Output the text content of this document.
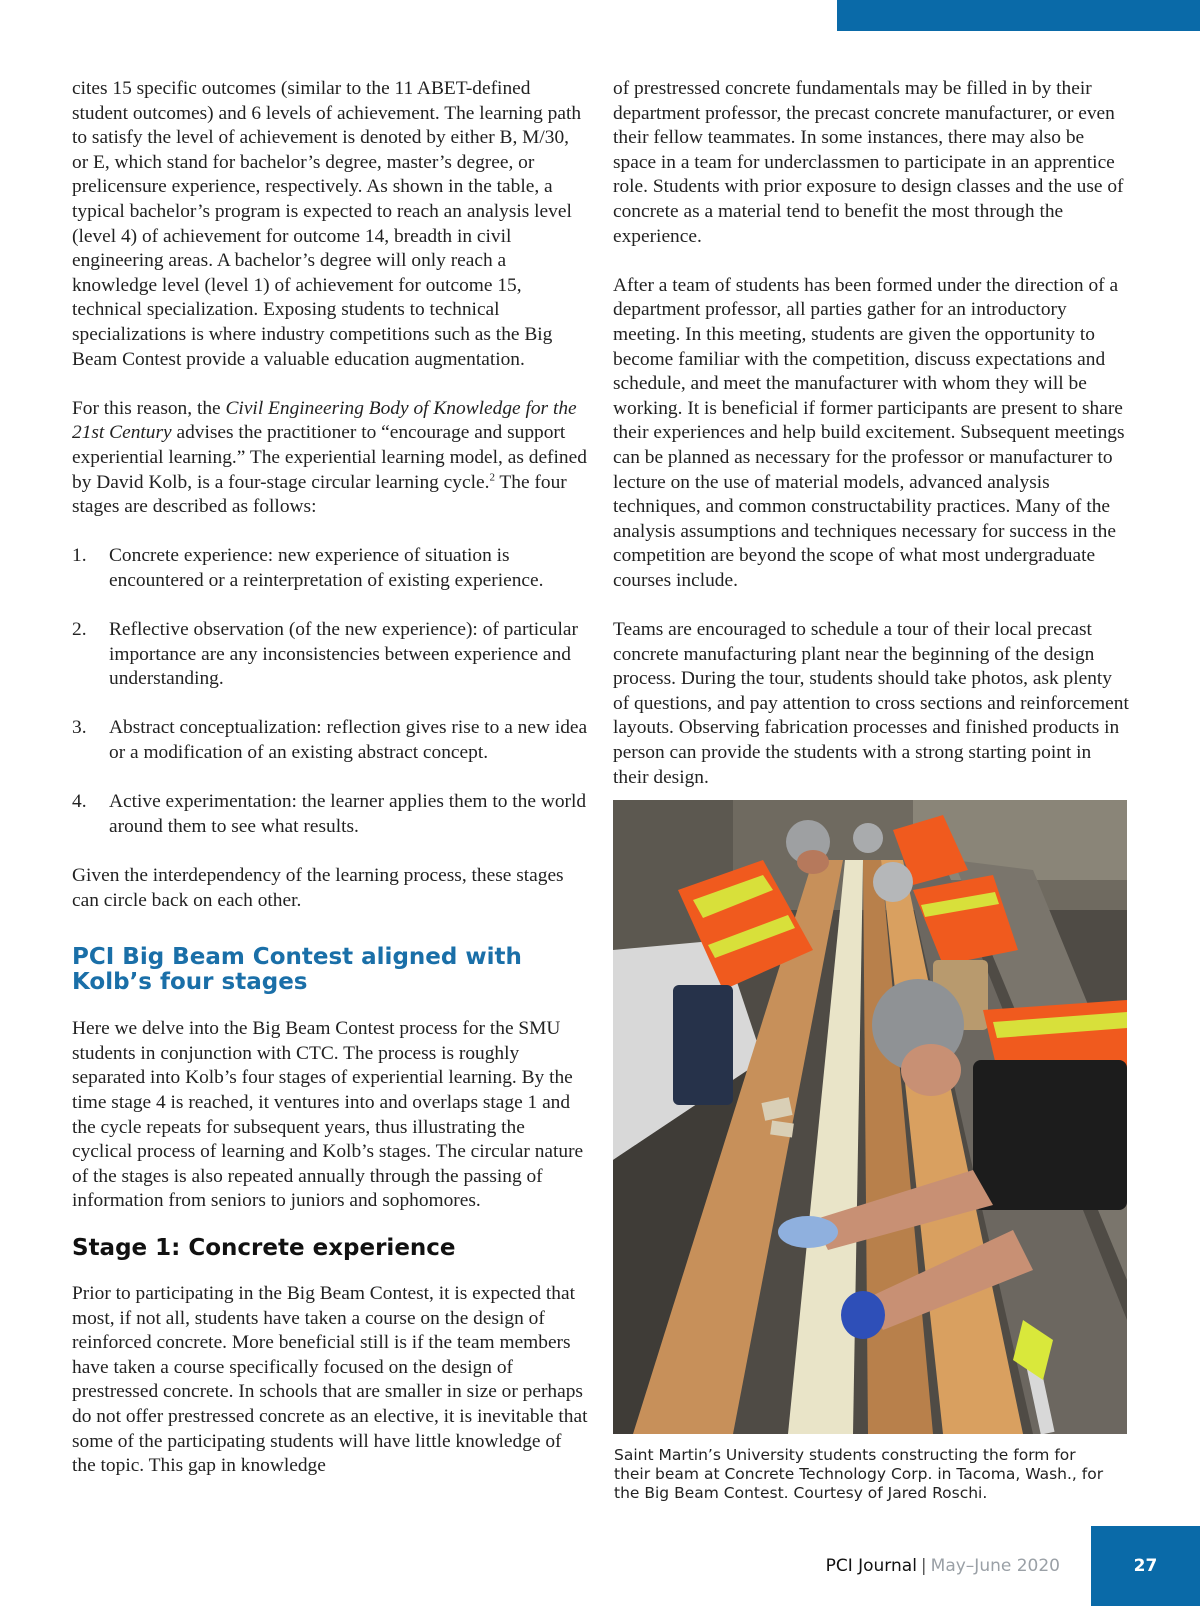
cites 15 specific outcomes (similar to the 11 ABET-defined student outcomes) and 6 levels of achievement. The learning path to satisfy the level of achievement is denoted by either B, M/30, or E, which stand for bachelor’s degree, master’s degree, or prelicensure experience, respectively. As shown in the table, a typical bachelor’s program is expected to reach an analysis level (level 4) of achievement for outcome 14, breadth in civil engineering areas. A bachelor’s degree will only reach a knowledge level (level 1) of achievement for outcome 15, technical specialization. Exposing students to technical specializations is where industry competitions such as the Big Beam Contest provide a valuable education augmentation.

For this reason, the Civil Engineering Body of Knowledge for the 21st Century advises the practitioner to “encourage and support experiential learning.” The experiential learning model, as defined by David Kolb, is a four-stage circular learning cycle.$^2$ The four stages are described as follows:

1.	Concrete experience: new experience of situation is encountered or a reinterpretation of existing experience.
2.	Reflective observation (of the new experience): of particular importance are any inconsistencies between experience and understanding.
3.	Abstract conceptualization: reflection gives rise to a new idea or a modification of an existing abstract concept.
4.	Active experimentation: the learner applies them to the world around them to see what results.

Given the interdependency of the learning process, these stages can circle back on each other.

PCI Big Beam Contest aligned with Kolb’s four stages

Here we delve into the Big Beam Contest process for the SMU students in conjunction with CTC. The process is roughly separated into Kolb’s four stages of experiential learning. By the time stage 4 is reached, it ventures into and overlaps stage 1 and the cycle repeats for subsequent years, thus illustrating the cyclical process of learning and Kolb’s stages. The circular nature of the stages is also repeated annually through the passing of information from seniors to juniors and sophomores.

Stage 1: Concrete experience

Prior to participating in the Big Beam Contest, it is expected that most, if not all, students have taken a course on the design of reinforced concrete. More beneficial still is if the team members have taken a course specifically focused on the design of prestressed concrete. In schools that are smaller in size or perhaps do not offer prestressed concrete as an elective, it is inevitable that some of the participating students will have little knowledge of the topic. This gap in knowledge

of prestressed concrete fundamentals may be filled in by their department professor, the precast concrete manufacturer, or even their fellow teammates. In some instances, there may also be space in a team for underclassmen to participate in an apprentice role. Students with prior exposure to design classes and the use of concrete as a material tend to benefit the most through the experience.

After a team of students has been formed under the direction of a department professor, all parties gather for an introductory meeting. In this meeting, students are given the opportunity to become familiar with the competition, discuss expectations and schedule, and meet the manufacturer with whom they will be working. It is beneficial if former participants are present to share their experiences and help build excitement. Subsequent meetings can be planned as necessary for the professor or manufacturer to lecture on the use of material models, advanced analysis techniques, and common constructability practices. Many of the analysis assumptions and techniques necessary for success in the competition are beyond the scope of what most undergraduate courses include.

Teams are encouraged to schedule a tour of their local precast concrete manufacturing plant near the beginning of the design process. During the tour, students should take photos, ask plenty of questions, and pay attention to cross sections and reinforcement layouts. Observing fabrication processes and finished products in person can provide the students with a strong starting point in their design.

Saint Martin’s University students constructing the form for their beam at Concrete Technology Corp. in Tacoma, Wash., for the Big Beam Contest. Courtesy of Jared Roschi.
PCI Journal | May–June 2020	27
